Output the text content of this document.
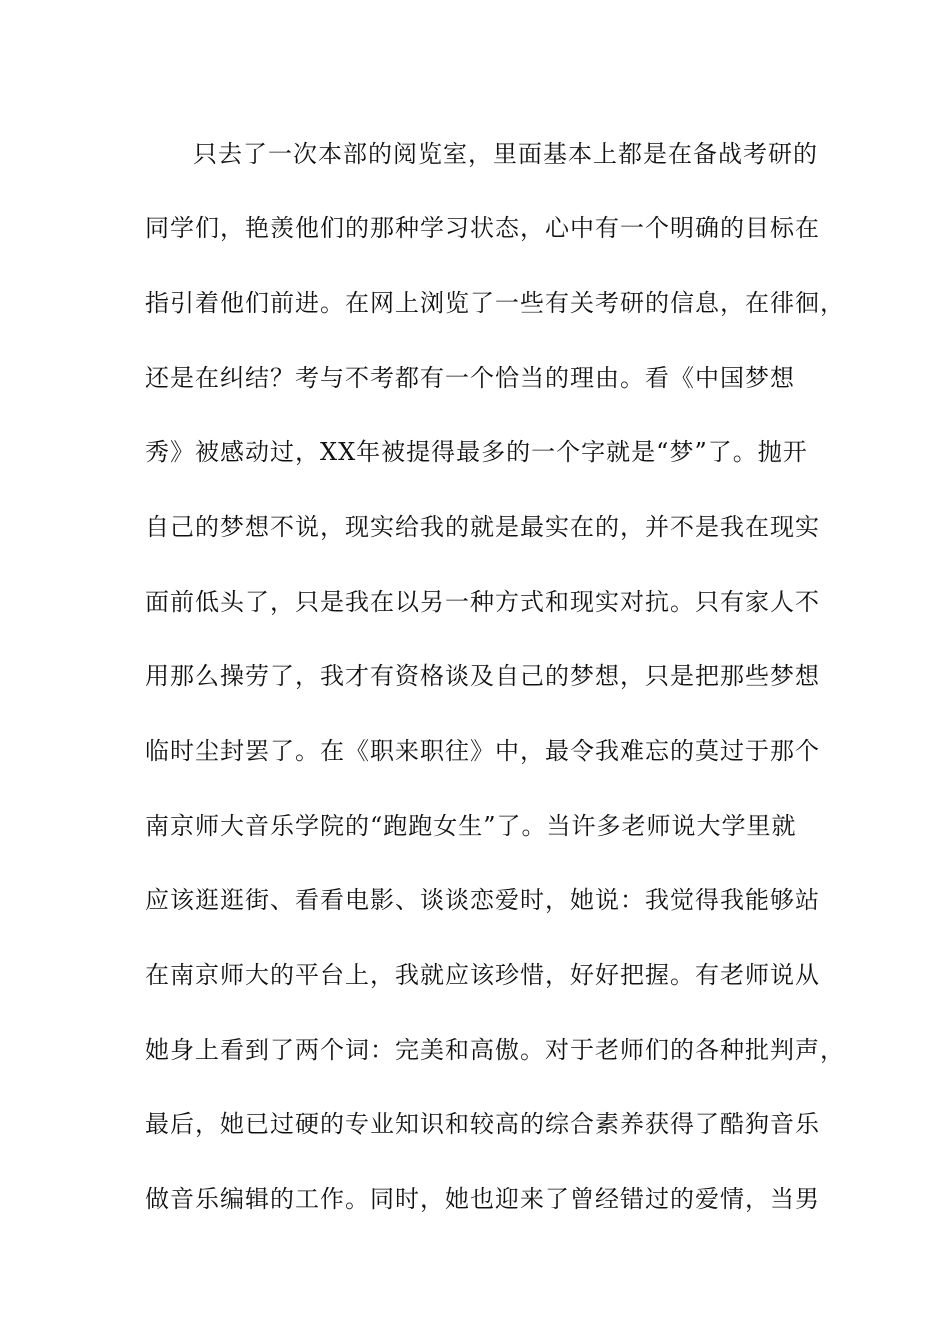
只去了一次本部的阅览室，里面基本上都是在备战考研的
同学们，艳羡他们的那种学习状态，心中有一个明确的目标在
指引着他们前进。在网上浏览了一些有关考研的信息，在徘徊，
还是在纠结？考与不考都有一个恰当的理由。看《中国梦想
秀》被感动过，XX年被提得最多的一个字就是“梦”了。抛开
自己的梦想不说，现实给我的就是最实在的，并不是我在现实
面前低头了，只是我在以另一种方式和现实对抗。只有家人不
用那么操劳了，我才有资格谈及自己的梦想，只是把那些梦想
临时尘封罢了。在《职来职往》中，最令我难忘的莫过于那个
南京师大音乐学院的“跑跑女生”了。当许多老师说大学里就
应该逛逛街、看看电影、谈谈恋爱时，她说：我觉得我能够站
在南京师大的平台上，我就应该珍惜，好好把握。有老师说从
她身上看到了两个词：完美和高傲。对于老师们的各种批判声，
最后，她已过硬的专业知识和较高的综合素养获得了酷狗音乐
做音乐编辑的工作。同时，她也迎来了曾经错过的爱情，当男
